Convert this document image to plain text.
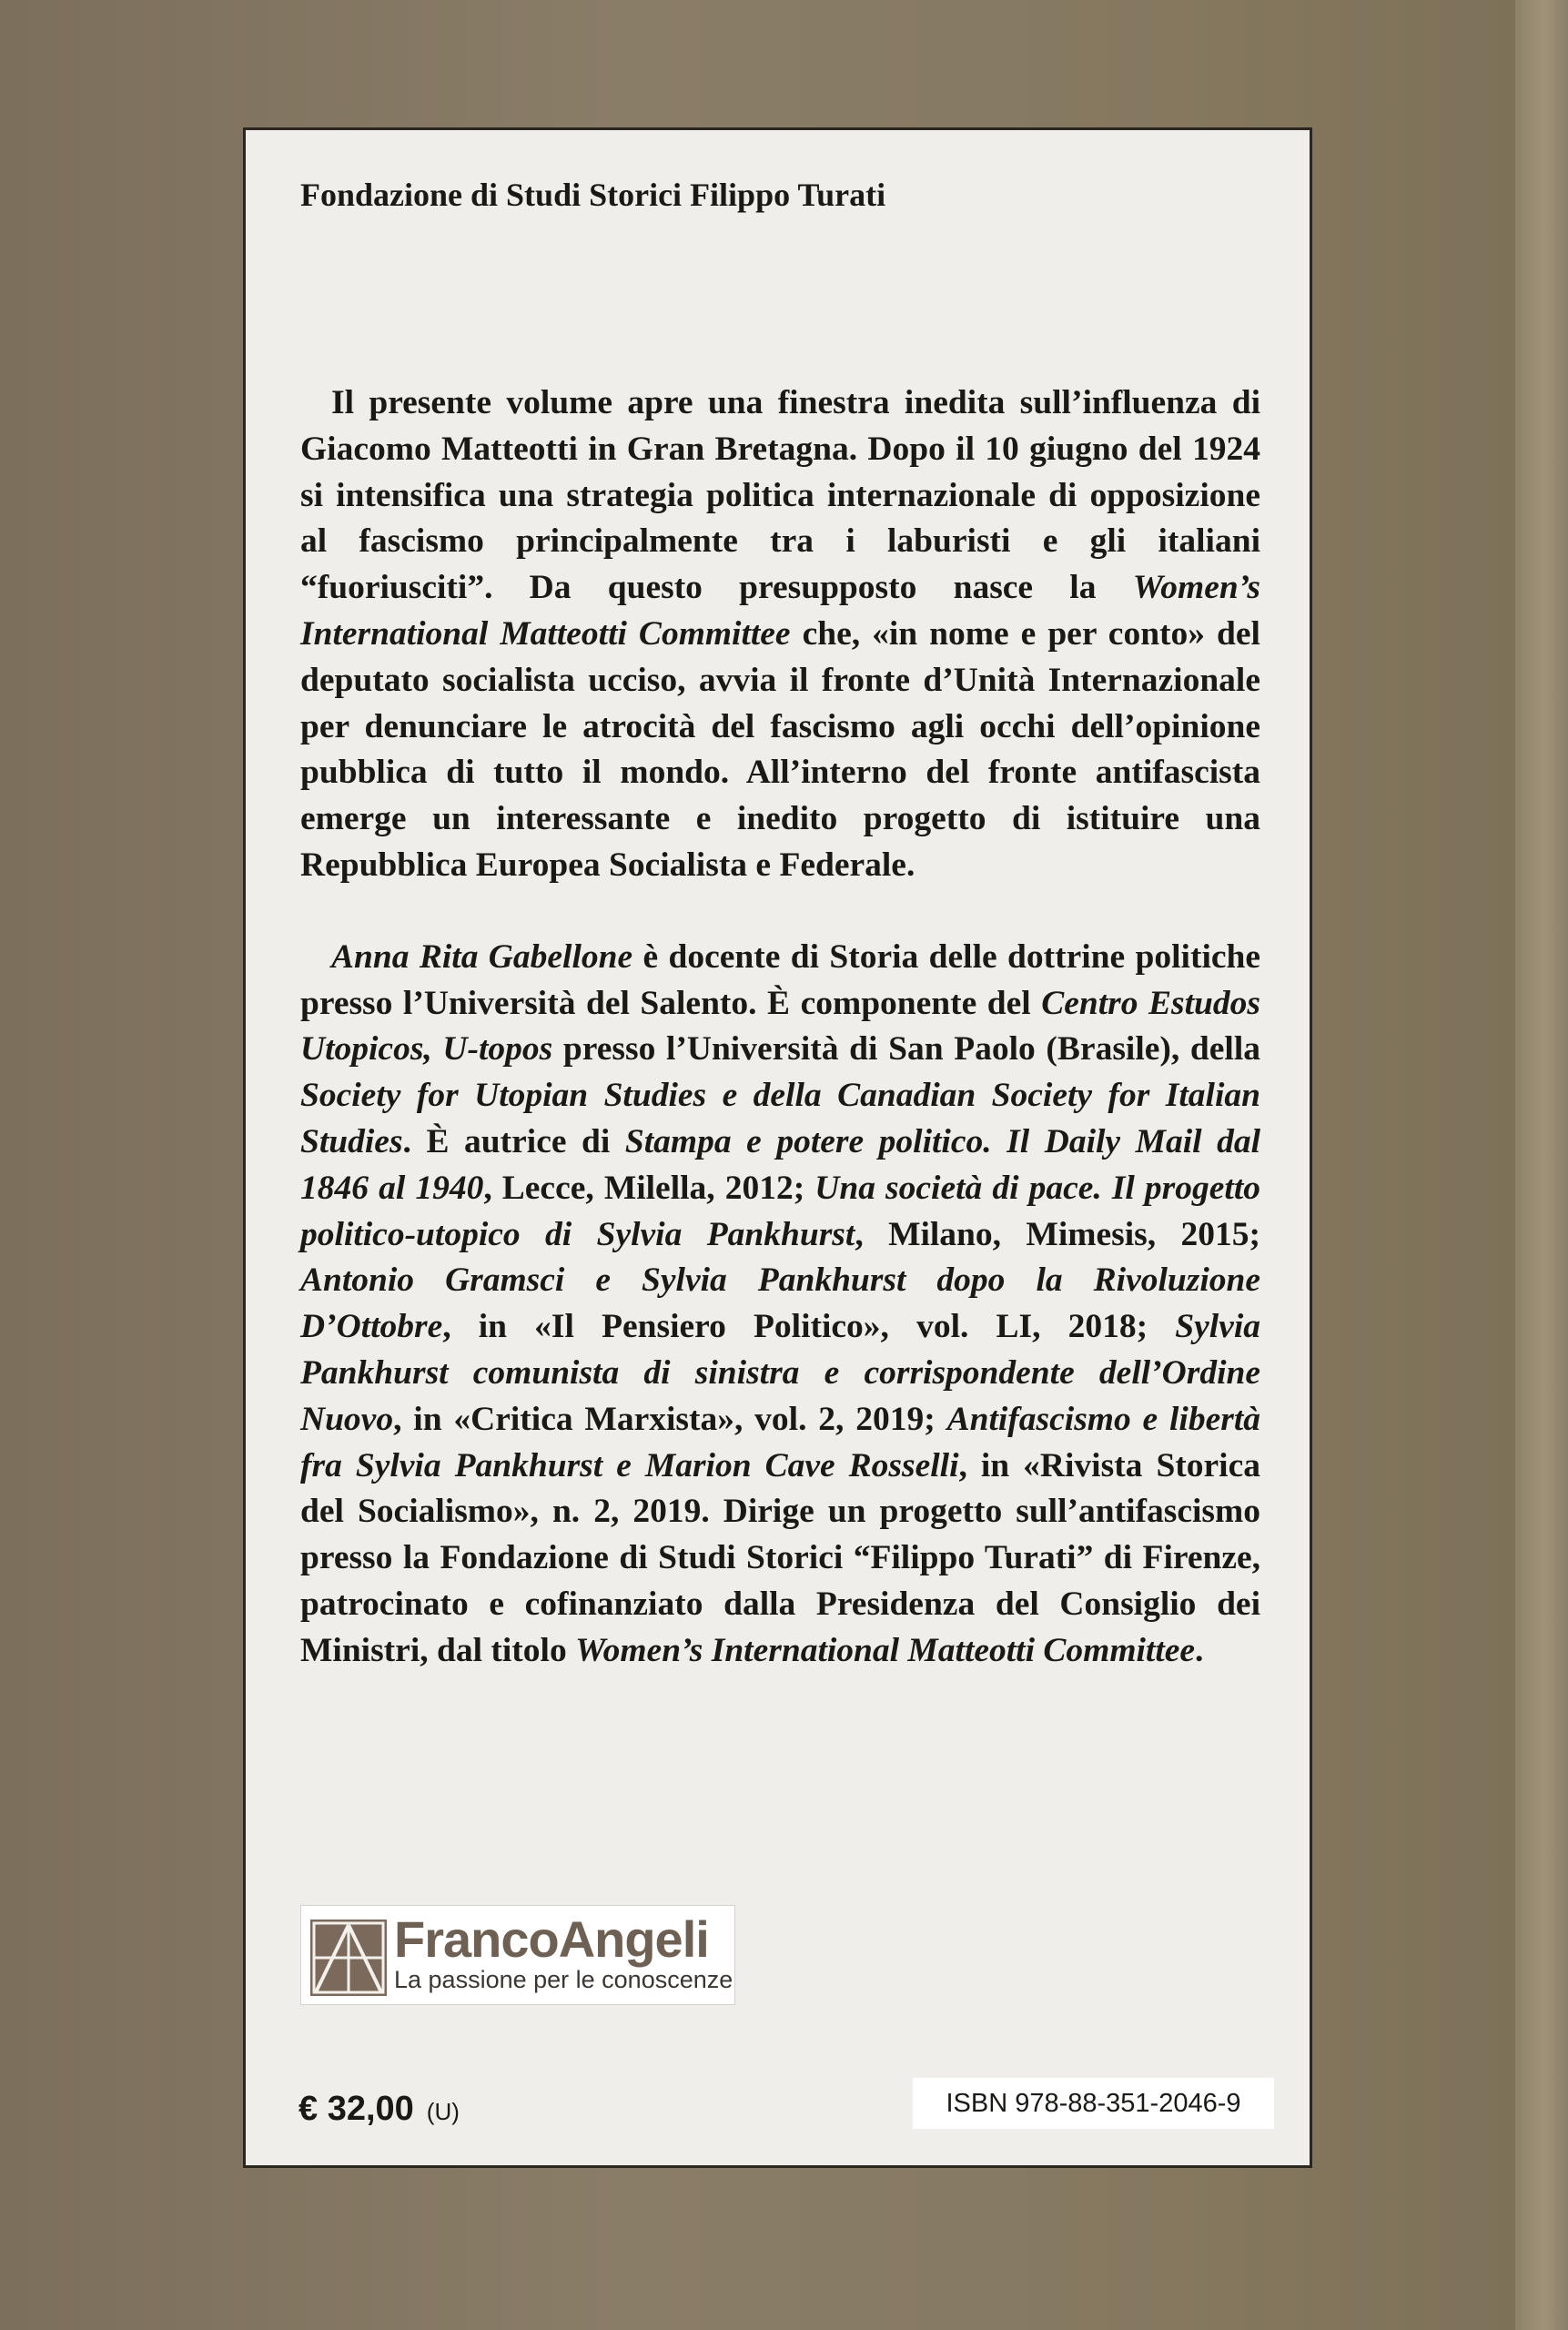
Fondazione di Studi Storici Filippo Turati

Il presente volume apre una finestra inedita sull’influenza di Giacomo Matteotti in Gran Bretagna. Dopo il 10 giugno del 1924 si intensifica una strategia politica internazionale di opposizione al fascismo principalmente tra i laburisti e gli italiani “fuoriusciti”. Da questo presupposto nasce la Women’s International Matteotti Committee che, «in nome e per conto» del deputato socialista ucciso, avvia il fronte d’Unità Internazionale per denunciare le atrocità del fascismo agli occhi dell’opinione pubblica di tutto il mondo. All’interno del fronte antifascista emerge un interessante e inedito progetto di istituire una Repubblica Europea Socialista e Federale.

Anna Rita Gabellone è docente di Storia delle dottrine politiche presso l’Università del Salento. È componente del Centro Estudos Utopicos, U-topos presso l’Università di San Paolo (Brasile), della Society for Utopian Studies e della Canadian Society for Italian Studies. È autrice di Stampa e potere politico. Il Daily Mail dal 1846 al 1940, Lecce, Milella, 2012; Una società di pace. Il progetto politico-utopico di Sylvia Pankhurst, Milano, Mimesis, 2015; Antonio Gramsci e Sylvia Pankhurst dopo la Rivoluzione D’Ottobre, in «Il Pensiero Politico», vol. LI, 2018; Sylvia Pankhurst comunista di sinistra e corrispondente dell’Ordine Nuovo, in «Critica Marxista», vol. 2, 2019; Antifascismo e libertà fra Sylvia Pankhurst e Marion Cave Rosselli, in «Rivista Storica del Socialismo», n. 2, 2019. Dirige un progetto sull’antifascismo presso la Fondazione di Studi Storici “Filippo Turati” di Firenze, patrocinato e cofinanziato dalla Presidenza del Consiglio dei Ministri, dal titolo Women’s International Matteotti Committee.

FrancoAngeli
La passione per le conoscenze
€ 32,00 (U)	ISBN 978-88-351-2046-9
